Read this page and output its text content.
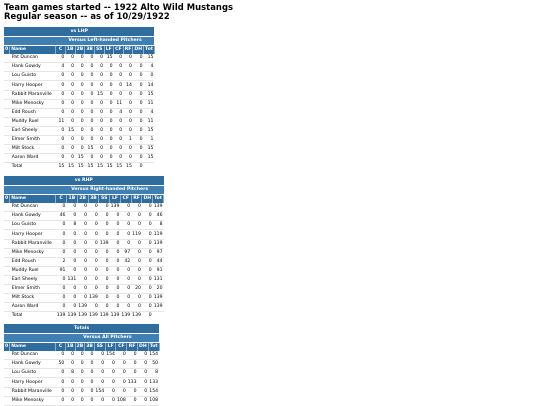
Team games started -- 1922 Alto Wild Mustangs
Regular season -- as of 10/29/1922
vs LHP											
		Versus Left-handed Pitchers									
0	Name	C	1B	2B	3B	SS	LF	CF	RF	DH	Tot
	Pat Duncan	0	0	0	0	0	15	0	0	0	15
	Hank Gowdy	4	0	0	0	0	0	0	0	0	4
	Lou Guisto	0	0	0	0	0	0	0	0	0	0
	Harry Hooper	0	0	0	0	0	0	0	14	0	14
	Rabbit Maranville	0	0	0	0	15	0	0	0	0	15
	Mike Menosky	0	0	0	0	0	0	11	0	0	11
	Edd Roush	0	0	0	0	0	0	4	0	0	4
	Muddy Ruel	11	0	0	0	0	0	0	0	0	11
	Earl Sheely	0	15	0	0	0	0	0	0	0	15
	Elmer Smith	0	0	0	0	0	0	0	1	0	1
	Milt Stock	0	0	0	15	0	0	0	0	0	15
	Aaron Ward	0	0	15	0	0	0	0	0	0	15
	Total	15	15	15	15	15	15	15	15	0	
vs RHP											
		Versus Right-handed Pitchers									
0	Name	C	1B	2B	3B	SS	LF	CF	RF	DH	Tot
	Pat Duncan	0	0	0	0	0	139	0	0	0	139
	Hank Gowdy	46	0	0	0	0	0	0	0	0	46
	Lou Guisto	0	8	0	0	0	0	0	0	0	8
	Harry Hooper	0	0	0	0	0	0	0	119	0	119
	Rabbit Maranville	0	0	0	0	139	0	0	0	0	139
	Mike Menosky	0	0	0	0	0	0	97	0	0	97
	Edd Roush	2	0	0	0	0	0	42	0	0	44
	Muddy Ruel	91	0	0	0	0	0	0	0	0	91
	Earl Sheely	0	131	0	0	0	0	0	0	0	131
	Elmer Smith	0	0	0	0	0	0	0	20	0	20
	Milt Stock	0	0	0	139	0	0	0	0	0	139
	Aaron Ward	0	0	139	0	0	0	0	0	0	139
	Total	139	139	139	139	139	139	139	139	0	
Totals											
		Versus All Pitchers									
0	Name	C	1B	2B	3B	SS	LF	CF	RF	DH	Tot
	Pat Duncan	0	0	0	0	0	154	0	0	0	154
	Hank Gowdy	50	0	0	0	0	0	0	0	0	50
	Lou Guisto	0	8	0	0	0	0	0	0	0	8
	Harry Hooper	0	0	0	0	0	0	0	133	0	133
	Rabbit Maranville	0	0	0	0	154	0	0	0	0	154
	Mike Menosky	0	0	0	0	0	0	108	0	0	108
